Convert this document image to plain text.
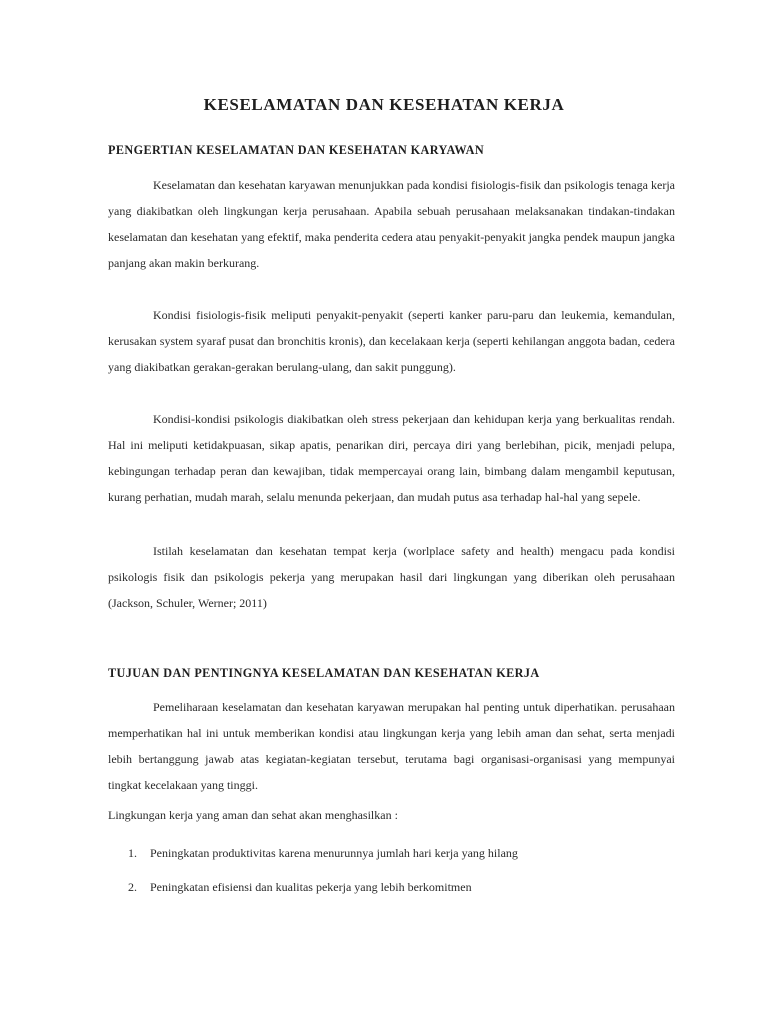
KESELAMATAN DAN KESEHATAN KERJA
PENGERTIAN KESELAMATAN DAN KESEHATAN KARYAWAN

Keselamatan dan kesehatan karyawan menunjukkan pada kondisi fisiologis-fisik dan psikologis tenaga kerja yang diakibatkan oleh lingkungan kerja perusahaan. Apabila sebuah perusahaan melaksanakan tindakan-tindakan keselamatan dan kesehatan yang efektif, maka penderita cedera atau penyakit-penyakit jangka pendek maupun jangka panjang akan makin berkurang.

Kondisi fisiologis-fisik meliputi penyakit-penyakit (seperti kanker paru-paru dan leukemia, kemandulan, kerusakan system syaraf pusat dan bronchitis kronis), dan kecelakaan kerja (seperti kehilangan anggota badan, cedera yang diakibatkan gerakan-gerakan berulang-ulang, dan sakit punggung).

Kondisi-kondisi psikologis diakibatkan oleh stress pekerjaan dan kehidupan kerja yang berkualitas rendah. Hal ini meliputi ketidakpuasan, sikap apatis, penarikan diri, percaya diri yang berlebihan, picik, menjadi pelupa, kebingungan terhadap peran dan kewajiban, tidak mempercayai orang lain, bimbang dalam mengambil keputusan, kurang perhatian, mudah marah, selalu menunda pekerjaan, dan mudah putus asa terhadap hal-hal yang sepele.

Istilah keselamatan dan kesehatan tempat kerja (worlplace safety and health) mengacu pada kondisi psikologis fisik dan psikologis pekerja yang merupakan hasil dari lingkungan yang diberikan oleh perusahaan (Jackson, Schuler, Werner; 2011)

TUJUAN DAN PENTINGNYA KESELAMATAN DAN KESEHATAN KERJA

Pemeliharaan keselamatan dan kesehatan karyawan merupakan hal penting untuk diperhatikan. perusahaan memperhatikan hal ini untuk memberikan kondisi atau lingkungan kerja yang lebih aman dan sehat, serta menjadi lebih bertanggung jawab atas kegiatan-kegiatan tersebut, terutama bagi organisasi-organisasi yang mempunyai tingkat kecelakaan yang tinggi.

Lingkungan kerja yang aman dan sehat akan menghasilkan :

1. Peningkatan produktivitas karena menurunnya jumlah hari kerja yang hilang
2. Peningkatan efisiensi dan kualitas pekerja yang lebih berkomitmen
